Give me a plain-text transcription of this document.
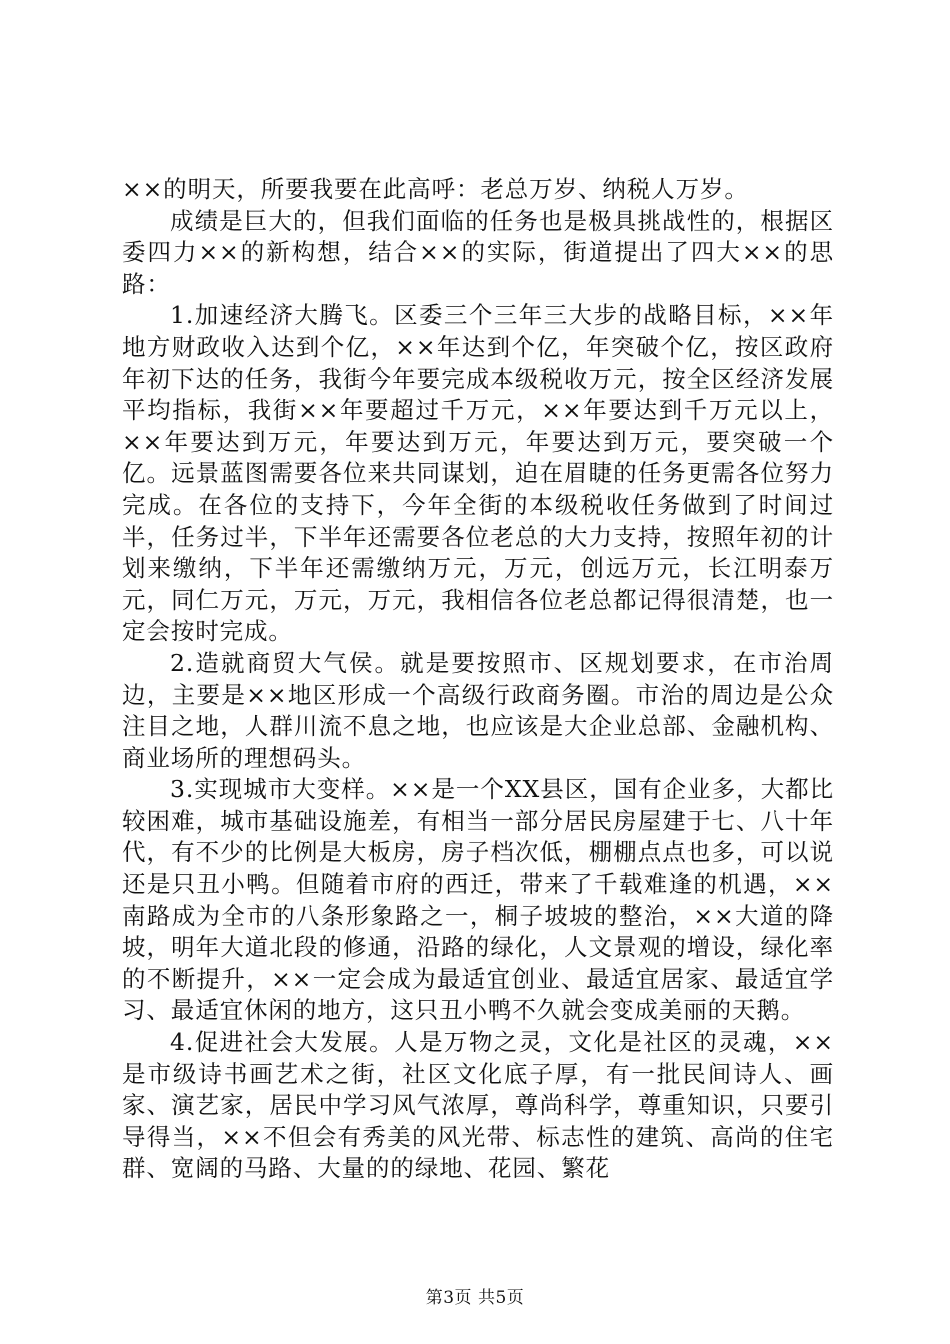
××的明天，所要我要在此高呼：老总万岁、纳税人万岁。

成绩是巨大的，但我们面临的任务也是极具挑战性的，根据区委四力××的新构想，结合××的实际，街道提出了四大××的思路：

1.加速经济大腾飞。区委三个三年三大步的战略目标，××年地方财政收入达到个亿，××年达到个亿，年突破个亿，按区政府年初下达的任务，我街今年要完成本级税收万元，按全区经济发展平均指标，我街××年要超过千万元，××年要达到千万元以上，××年要达到万元，年要达到万元，年要达到万元，要突破一个亿。远景蓝图需要各位来共同谋划，迫在眉睫的任务更需各位努力完成。在各位的支持下，今年全街的本级税收任务做到了时间过半，任务过半，下半年还需要各位老总的大力支持，按照年初的计划来缴纳，下半年还需缴纳万元，万元，创远万元，长江明泰万元，同仁万元，万元，万元，我相信各位老总都记得很清楚，也一定会按时完成。

2.造就商贸大气侯。就是要按照市、区规划要求，在市治周边，主要是××地区形成一个高级行政商务圈。市治的周边是公众注目之地，人群川流不息之地，也应该是大企业总部、金融机构、商业场所的理想码头。

3.实现城市大变样。××是一个XX县区，国有企业多，大都比较困难，城市基础设施差，有相当一部分居民房屋建于七、八十年代，有不少的比例是大板房，房子档次低，棚棚点点也多，可以说还是只丑小鸭。但随着市府的西迁，带来了千载难逢的机遇，××南路成为全市的八条形象路之一，桐子坡坡的整治，××大道的降坡，明年大道北段的修通，沿路的绿化，人文景观的增设，绿化率的不断提升，××一定会成为最适宜创业、最适宜居家、最适宜学习、最适宜休闲的地方，这只丑小鸭不久就会变成美丽的天鹅。

4.促进社会大发展。人是万物之灵，文化是社区的灵魂，××是市级诗书画艺术之街，社区文化底子厚，有一批民间诗人、画家、演艺家，居民中学习风气浓厚，尊尚科学，尊重知识，只要引导得当，××不但会有秀美的风光带、标志性的建筑、高尚的住宅群、宽阔的马路、大量的的绿地、花园、繁花

第3页 共5页
